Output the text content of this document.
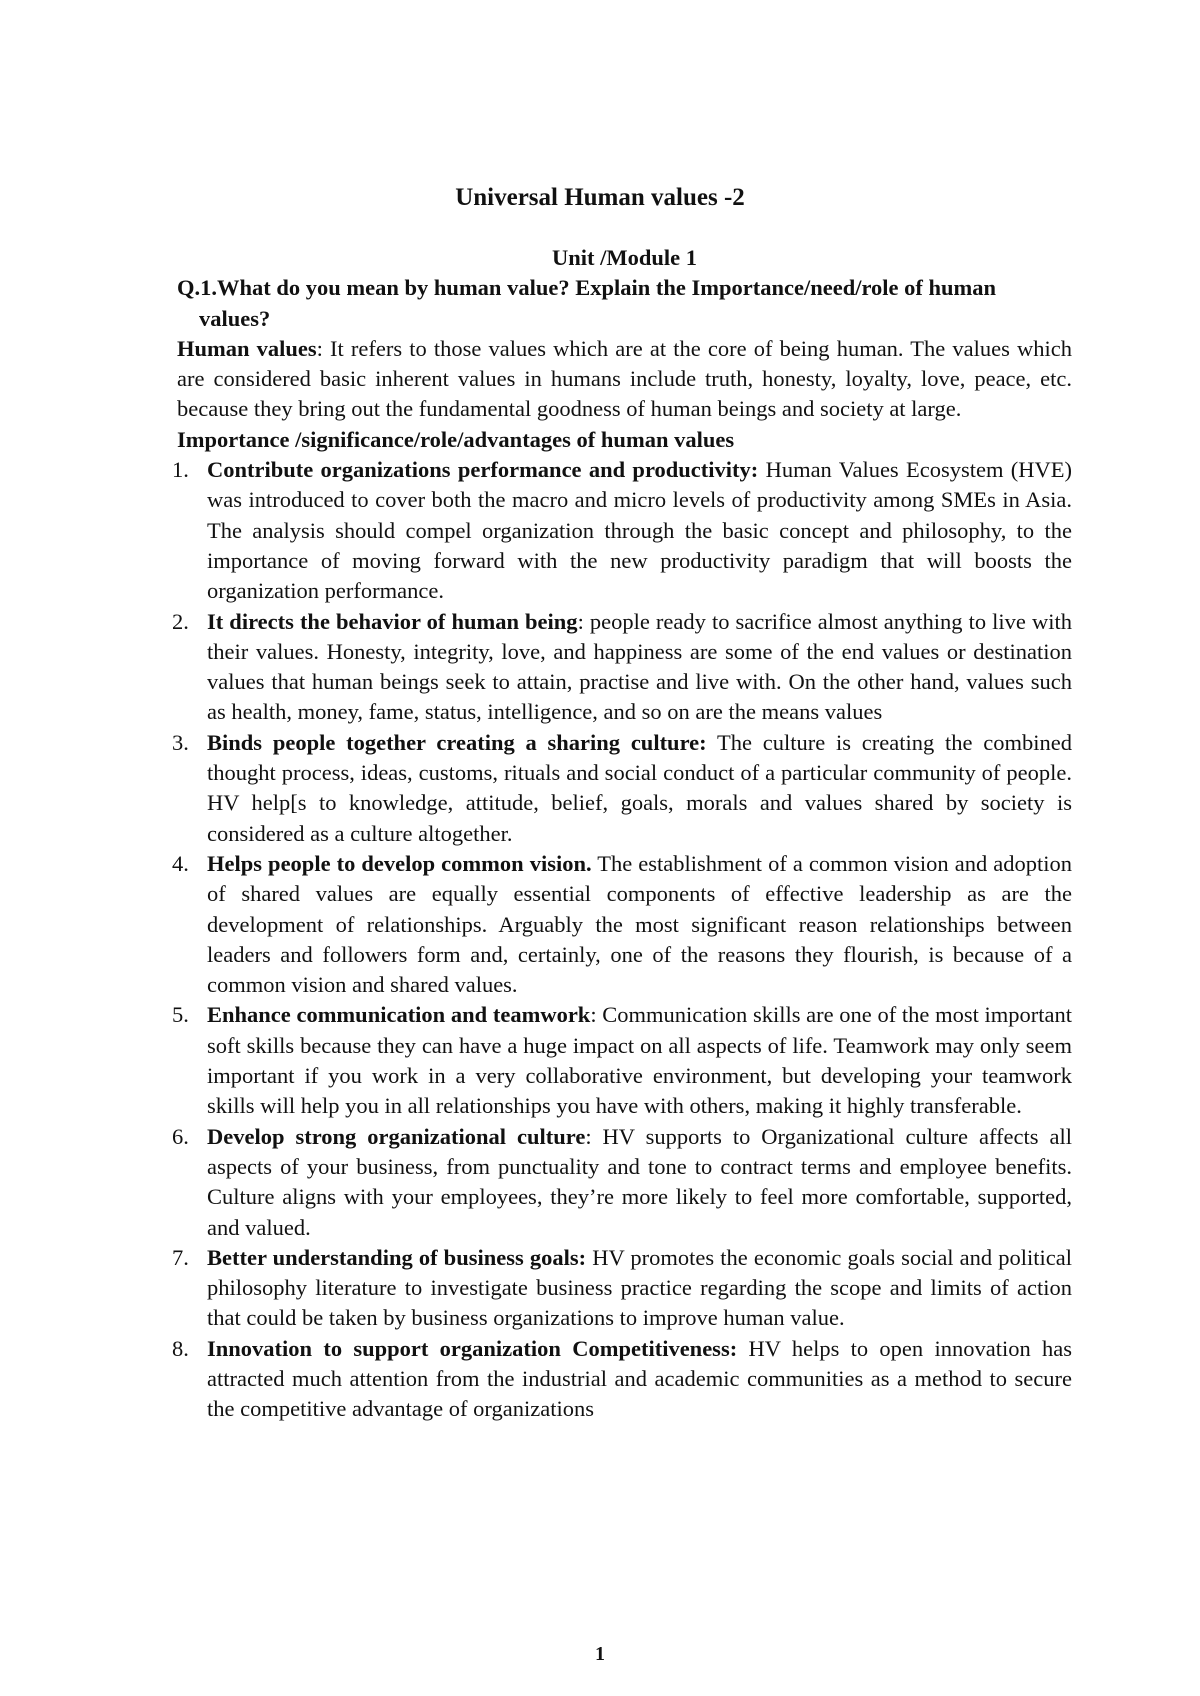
Universal Human values -2

Unit /Module 1

Q.1.What do you mean by human value? Explain the Importance/need/role of human values?

Human values: It refers to those values which are at the core of being human. The values which are considered basic inherent values in humans include truth, honesty, loyalty, love, peace, etc. because they bring out the fundamental goodness of human beings and society at large.

Importance /significance/role/advantages of human values

1. Contribute organizations performance and productivity: Human Values Ecosystem (HVE) was introduced to cover both the macro and micro levels of productivity among SMEs in Asia. The analysis should compel organization through the basic concept and philosophy, to the importance of moving forward with the new productivity paradigm that will boosts the organization performance.
2. It directs the behavior of human being: people ready to sacrifice almost anything to live with their values. Honesty, integrity, love, and happiness are some of the end values or destination values that human beings seek to attain, practise and live with. On the other hand, values such as health, money, fame, status, intelligence, and so on are the means values
3. Binds people together creating a sharing culture: The culture is creating the combined thought process, ideas, customs, rituals and social conduct of a particular community of people. HV help[s to knowledge, attitude, belief, goals, morals and values shared by society is considered as a culture altogether.
4. Helps people to develop common vision. The establishment of a common vision and adoption of shared values are equally essential components of effective leadership as are the development of relationships. Arguably the most significant reason relationships between leaders and followers form and, certainly, one of the reasons they flourish, is because of a common vision and shared values.
5. Enhance communication and teamwork: Communication skills are one of the most important soft skills because they can have a huge impact on all aspects of life. Teamwork may only seem important if you work in a very collaborative environment, but developing your teamwork skills will help you in all relationships you have with others, making it highly transferable.
6. Develop strong organizational culture: HV supports to Organizational culture affects all aspects of your business, from punctuality and tone to contract terms and employee benefits. Culture aligns with your employees, they’re more likely to feel more comfortable, supported, and valued.
7. Better understanding of business goals: HV promotes the economic goals social and political philosophy literature to investigate business practice regarding the scope and limits of action that could be taken by business organizations to improve human value.
8. Innovation to support organization Competitiveness: HV helps to open innovation has attracted much attention from the industrial and academic communities as a method to secure the competitive advantage of organizations
1
